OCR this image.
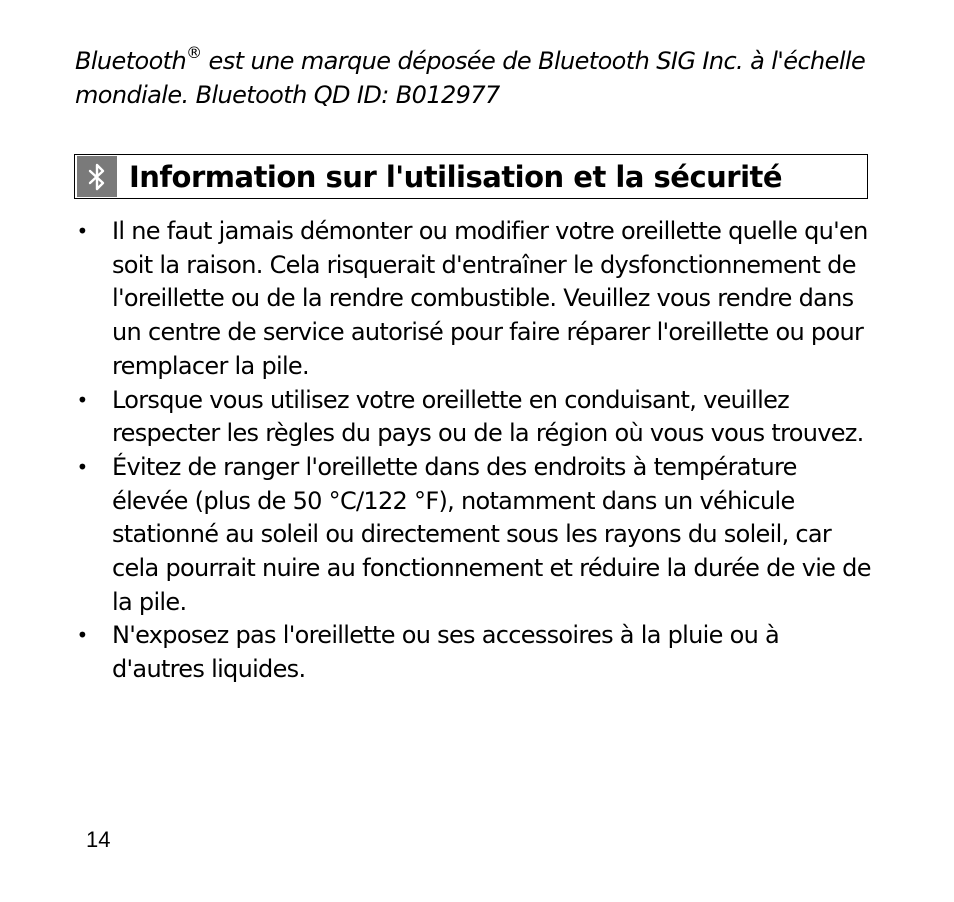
Bluetooth® est une marque déposée de Bluetooth SIG Inc. à l'échelle mondiale. Bluetooth QD ID: B012977
Information sur l'utilisation et la sécurité
• Il ne faut jamais démonter ou modifier votre oreillette quelle qu'en soit la raison. Cela risquerait d'entraîner le dysfonctionnement de l'oreillette ou de la rendre combustible. Veuillez vous rendre dans un centre de service autorisé pour faire réparer l'oreillette ou pour remplacer la pile.
• Lorsque vous utilisez votre oreillette en conduisant, veuillez respecter les règles du pays ou de la région où vous vous trouvez.
• Évitez de ranger l'oreillette dans des endroits à température élevée (plus de 50 °C/122 °F), notamment dans un véhicule stationné au soleil ou directement sous les rayons du soleil, car cela pourrait nuire au fonctionnement et réduire la durée de vie de la pile.
• N'exposez pas l'oreillette ou ses accessoires à la pluie ou à d'autres liquides.
14
